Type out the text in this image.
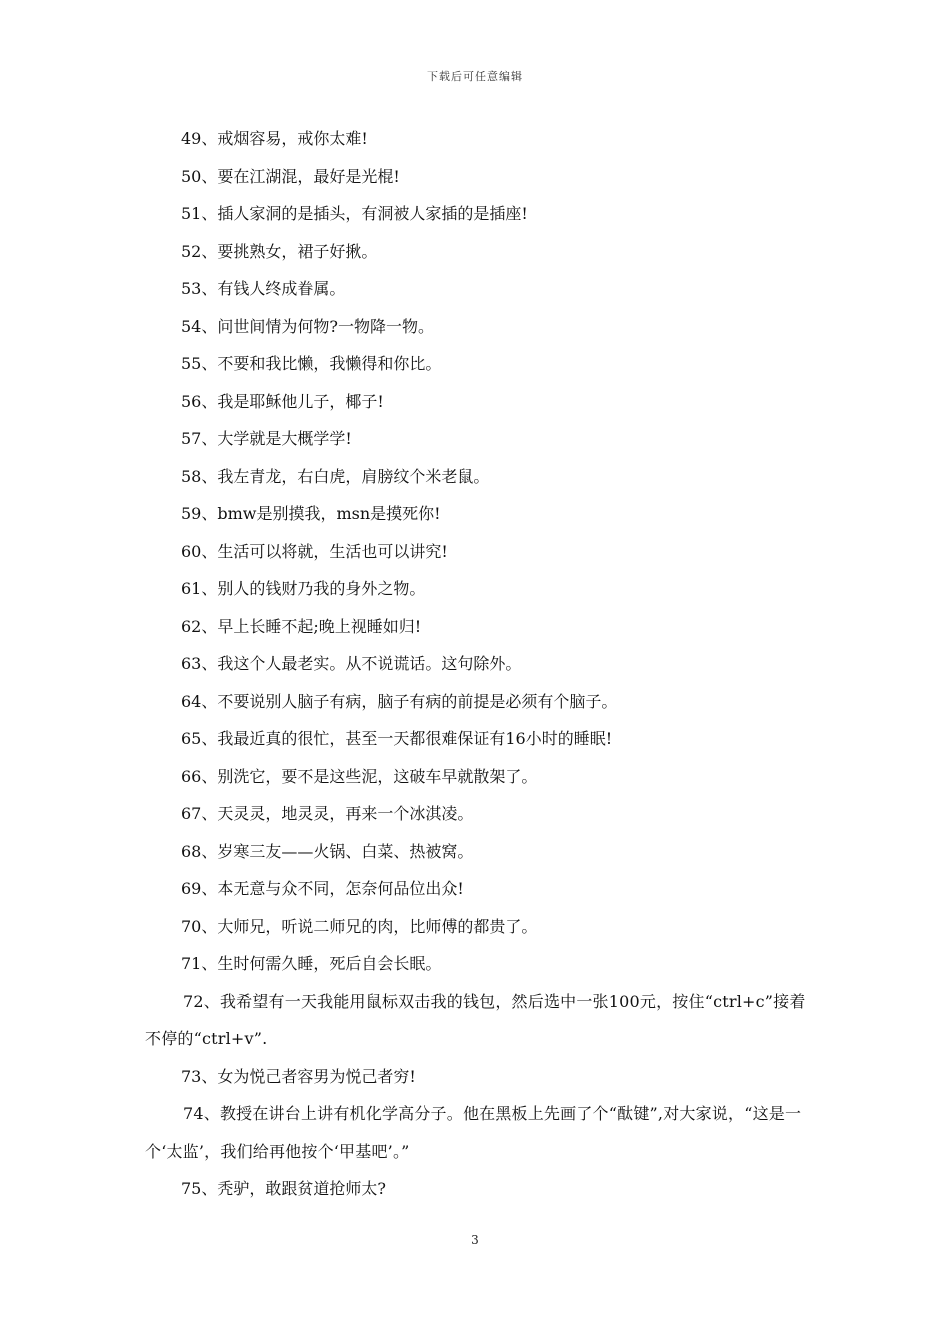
下载后可任意编辑
49、戒烟容易，戒你太难!
50、要在江湖混，最好是光棍!
51、插人家洞的是插头，有洞被人家插的是插座!
52、要挑熟女，裙子好揪。
53、有钱人终成眷属。
54、问世间情为何物?一物降一物。
55、不要和我比懒，我懒得和你比。
56、我是耶稣他儿子，椰子!
57、大学就是大概学学!
58、我左青龙，右白虎，肩膀纹个米老鼠。
59、bmw是别摸我，msn是摸死你!
60、生活可以将就，生活也可以讲究!
61、别人的钱财乃我的身外之物。
62、早上长睡不起;晚上视睡如归!
63、我这个人最老实。从不说谎话。这句除外。
64、不要说别人脑子有病，脑子有病的前提是必须有个脑子。
65、我最近真的很忙，甚至一天都很难保证有16小时的睡眠!
66、别洗它，要不是这些泥，这破车早就散架了。
67、天灵灵，地灵灵，再来一个冰淇凌。
68、岁寒三友——火锅、白菜、热被窝。
69、本无意与众不同，怎奈何品位出众!
70、大师兄，听说二师兄的肉，比师傅的都贵了。
71、生时何需久睡，死后自会长眠。
72、我希望有一天我能用鼠标双击我的钱包，然后选中一张100元，按住“ctrl+c”接着不停的“ctrl+v”.
73、女为悦己者容男为悦己者穷!
74、教授在讲台上讲有机化学高分子。他在黑板上先画了个“酞键”,对大家说，“这是一个‘太监’，我们给再他按个‘甲基吧’。”
75、秃驴，敢跟贫道抢师太?
3
